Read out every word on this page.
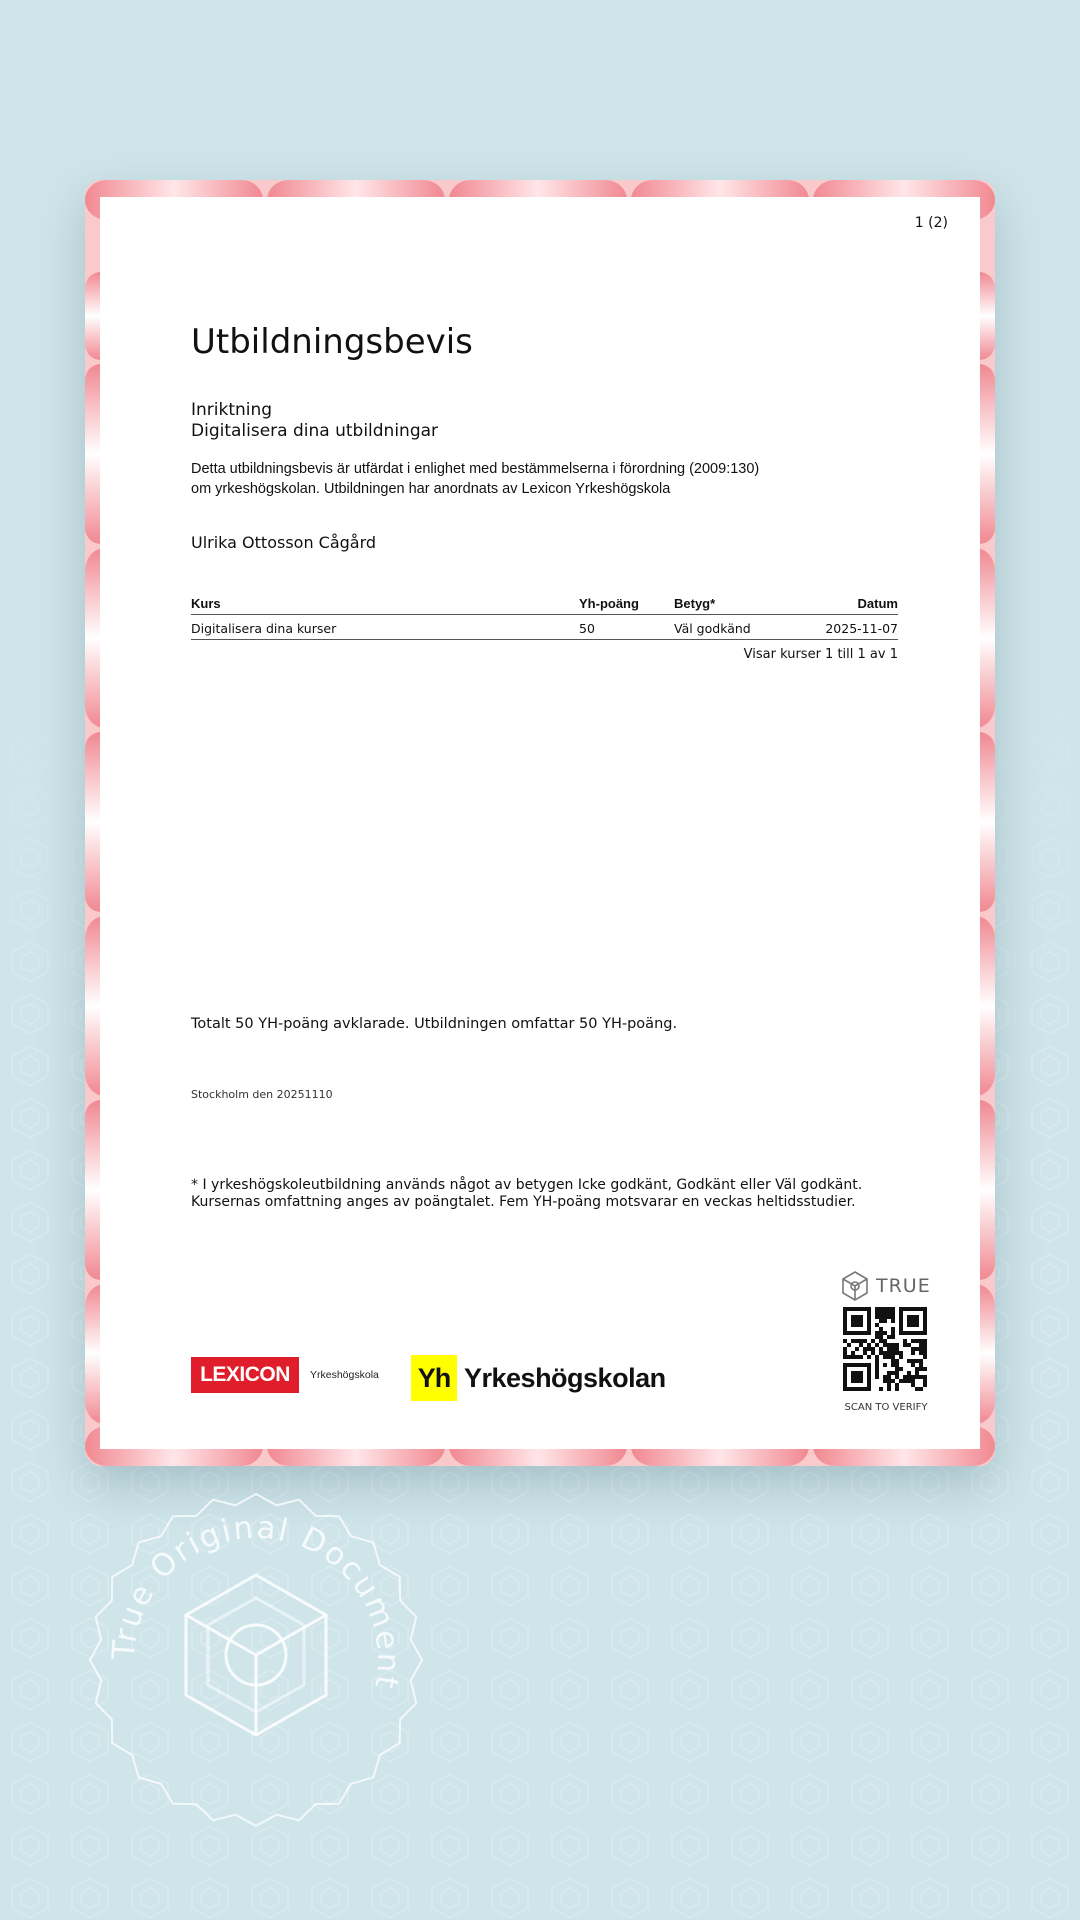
1 (2)
Utbildningsbevis
Inriktning
Digitalisera dina utbildningar
Detta utbildningsbevis är utfärdat i enlighet med bestämmelserna i förordning (2009:130)
om yrkeshögskolan. Utbildningen har anordnats av Lexicon Yrkeshögskola
Ulrika Ottosson Cågård
Kurs	Yh-poäng	Betyg*	Datum
Digitalisera dina kurser	50	Väl godkänd	2025-11-07
Visar kurser 1 till 1 av 1
Totalt 50 YH-poäng avklarade. Utbildningen omfattar 50 YH-poäng.
Stockholm den 20251110
* I yrkeshögskoleutbildning används något av betygen Icke godkänt, Godkänt eller Väl godkänt.
Kursernas omfattning anges av poängtalet. Fem YH-poäng motsvarar en veckas heltidsstudier.
TRUE
SCAN TO VERIFY
LEXICON	Yrkeshögskola Yh Yrkeshögskolan
True Original Document
